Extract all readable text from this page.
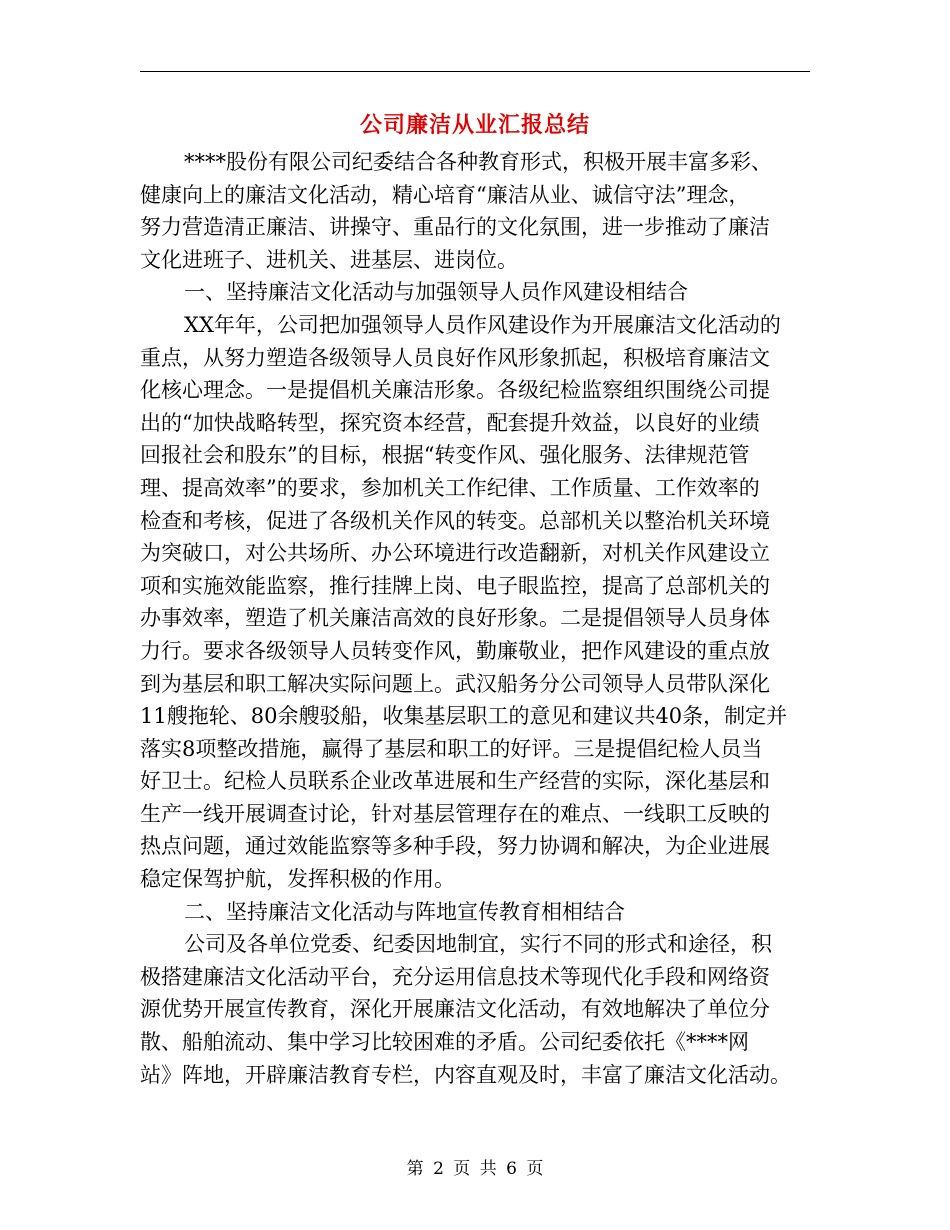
公司廉洁从业汇报总结
****股份有限公司纪委结合各种教育形式，积极开展丰富多彩、
健康向上的廉洁文化活动，精心培育“廉洁从业、诚信守法”理念，
努力营造清正廉洁、讲操守、重品行的文化氛围，进一步推动了廉洁
文化进班子、进机关、进基层、进岗位。
一、坚持廉洁文化活动与加强领导人员作风建设相结合
XX年年，公司把加强领导人员作风建设作为开展廉洁文化活动的
重点，从努力塑造各级领导人员良好作风形象抓起，积极培育廉洁文
化核心理念。一是提倡机关廉洁形象。各级纪检监察组织围绕公司提
出的“加快战略转型，探究资本经营，配套提升效益，以良好的业绩
回报社会和股东”的目标，根据“转变作风、强化服务、法律规范管
理、提高效率”的要求，参加机关工作纪律、工作质量、工作效率的
检查和考核，促进了各级机关作风的转变。总部机关以整治机关环境
为突破口，对公共场所、办公环境进行改造翻新，对机关作风建设立
项和实施效能监察，推行挂牌上岗、电子眼监控，提高了总部机关的
办事效率，塑造了机关廉洁高效的良好形象。二是提倡领导人员身体
力行。要求各级领导人员转变作风，勤廉敬业，把作风建设的重点放
到为基层和职工解决实际问题上。武汉船务分公司领导人员带队深化
11艘拖轮、80余艘驳船，收集基层职工的意见和建议共40条，制定并
落实8项整改措施，赢得了基层和职工的好评。三是提倡纪检人员当
好卫士。纪检人员联系企业改革进展和生产经营的实际，深化基层和
生产一线开展调查讨论，针对基层管理存在的难点、一线职工反映的
热点问题，通过效能监察等多种手段，努力协调和解决，为企业进展
稳定保驾护航，发挥积极的作用。
二、坚持廉洁文化活动与阵地宣传教育相相结合
公司及各单位党委、纪委因地制宜，实行不同的形式和途径，积
极搭建廉洁文化活动平台，充分运用信息技术等现代化手段和网络资
源优势开展宣传教育，深化开展廉洁文化活动，有效地解决了单位分
散、船舶流动、集中学习比较困难的矛盾。公司纪委依托《****网
站》阵地，开辟廉洁教育专栏，内容直观及时，丰富了廉洁文化活动。
第 2 页 共 6 页
